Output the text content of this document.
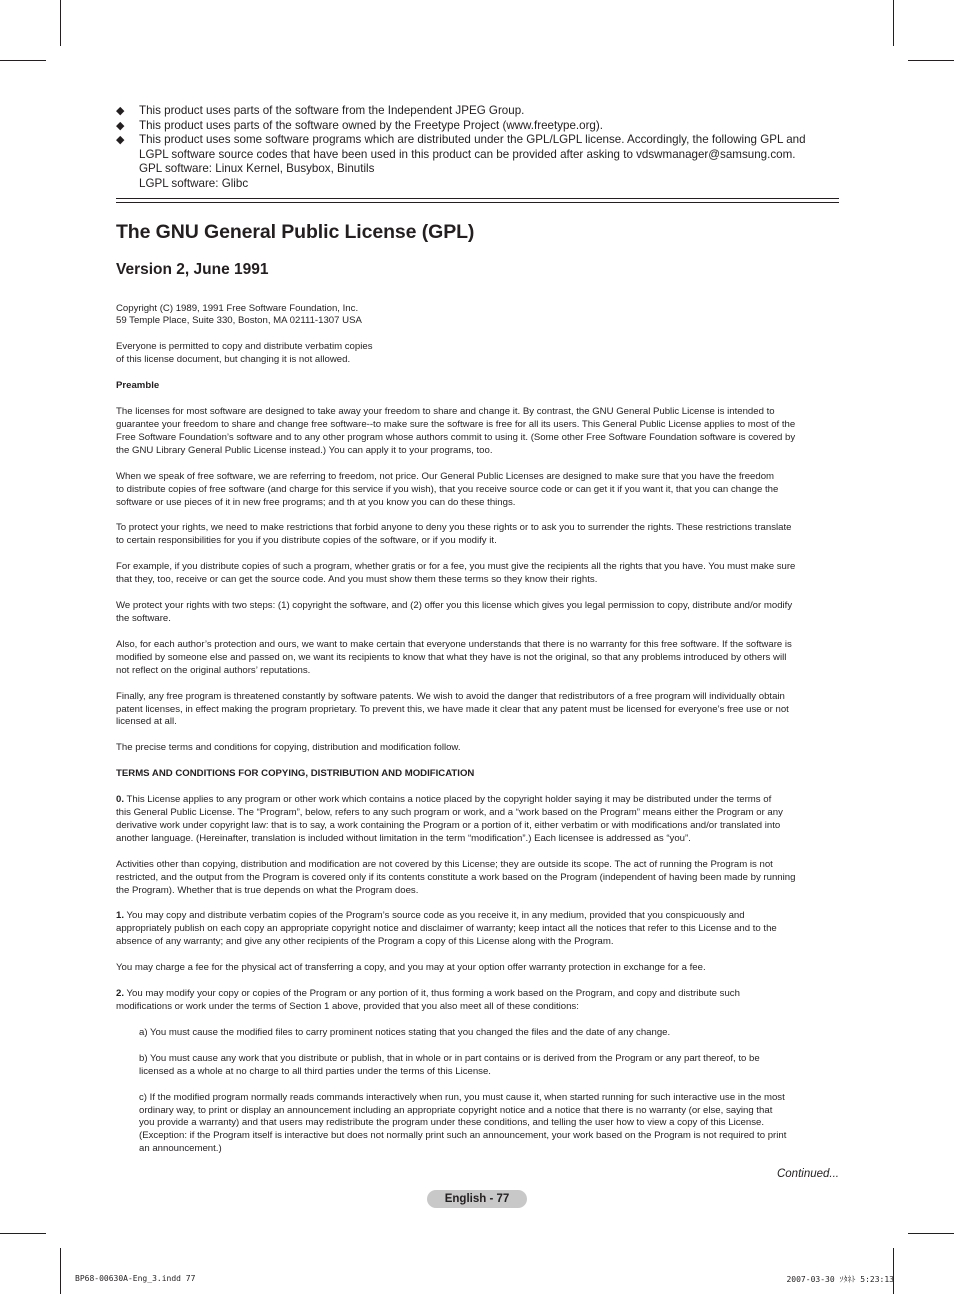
◆ This product uses parts of the software from the Independent JPEG Group.
◆ This product uses parts of the software owned by the Freetype Project (www.freetype.org).
◆ This product uses some software programs which are distributed under the GPL/LGPL license. Accordingly, the following GPL and
LGPL software source codes that have been used in this product can be provided after asking to vdswmanager@samsung.com.
GPL software: Linux Kernel, Busybox, Binutils
LGPL software: Glibc
The GNU General Public License (GPL)
Version 2, June 1991

Copyright (C) 1989, 1991 Free Software Foundation, Inc.
59 Temple Place, Suite 330, Boston, MA 02111-1307 USA

Everyone is permitted to copy and distribute verbatim copies
of this license document, but changing it is not allowed.

Preamble

The licenses for most software are designed to take away your freedom to share and change it. By contrast, the GNU General Public License is intended to
guarantee your freedom to share and change free software--to make sure the software is free for all its users. This General Public License applies to most of the
Free Software Foundation’s software and to any other program whose authors commit to using it. (Some other Free Software Foundation software is covered by
the GNU Library General Public License instead.) You can apply it to your programs, too.

When we speak of free software, we are referring to freedom, not price. Our General Public Licenses are designed to make sure that you have the freedom
to distribute copies of free software (and charge for this service if you wish), that you receive source code or can get it if you want it, that you can change the
software or use pieces of it in new free programs; and th at you know you can do these things.

To protect your rights, we need to make restrictions that forbid anyone to deny you these rights or to ask you to surrender the rights. These restrictions translate
to certain responsibilities for you if you distribute copies of the software, or if you modify it.

For example, if you distribute copies of such a program, whether gratis or for a fee, you must give the recipients all the rights that you have. You must make sure
that they, too, receive or can get the source code. And you must show them these terms so they know their rights.

We protect your rights with two steps: (1) copyright the software, and (2) offer you this license which gives you legal permission to copy, distribute and/or modify
the software.

Also, for each author’s protection and ours, we want to make certain that everyone understands that there is no warranty for this free software. If the software is
modified by someone else and passed on, we want its recipients to know that what they have is not the original, so that any problems introduced by others will
not reflect on the original authors’ reputations.

Finally, any free program is threatened constantly by software patents. We wish to avoid the danger that redistributors of a free program will individually obtain
patent licenses, in effect making the program proprietary. To prevent this, we have made it clear that any patent must be licensed for everyone’s free use or not
licensed at all.

The precise terms and conditions for copying, distribution and modification follow.

TERMS AND CONDITIONS FOR COPYING, DISTRIBUTION AND MODIFICATION

0. This License applies to any program or other work which contains a notice placed by the copyright holder saying it may be distributed under the terms of
this General Public License. The “Program”, below, refers to any such program or work, and a “work based on the Program” means either the Program or any
derivative work under copyright law: that is to say, a work containing the Program or a portion of it, either verbatim or with modifications and/or translated into
another language. (Hereinafter, translation is included without limitation in the term “modification”.) Each licensee is addressed as “you”.

Activities other than copying, distribution and modification are not covered by this License; they are outside its scope. The act of running the Program is not
restricted, and the output from the Program is covered only if its contents constitute a work based on the Program (independent of having been made by running
the Program). Whether that is true depends on what the Program does.

1. You may copy and distribute verbatim copies of the Program’s source code as you receive it, in any medium, provided that you conspicuously and
appropriately publish on each copy an appropriate copyright notice and disclaimer of warranty; keep intact all the notices that refer to this License and to the
absence of any warranty; and give any other recipients of the Program a copy of this License along with the Program.

You may charge a fee for the physical act of transferring a copy, and you may at your option offer warranty protection in exchange for a fee.

2. You may modify your copy or copies of the Program or any portion of it, thus forming a work based on the Program, and copy and distribute such
modifications or work under the terms of Section 1 above, provided that you also meet all of these conditions:

a) You must cause the modified files to carry prominent notices stating that you changed the files and the date of any change.

b) You must cause any work that you distribute or publish, that in whole or in part contains or is derived from the Program or any part thereof, to be
licensed as a whole at no charge to all third parties under the terms of this License.

c) If the modified program normally reads commands interactively when run, you must cause it, when started running for such interactive use in the most
ordinary way, to print or display an announcement including an appropriate copyright notice and a notice that there is no warranty (or else, saying that
you provide a warranty) and that users may redistribute the program under these conditions, and telling the user how to view a copy of this License.
(Exception: if the Program itself is interactive but does not normally print such an announcement, your work based on the Program is not required to print
an announcement.)

Continued...
English - 77
BP68-00630A-Eng_3.indd 77	2007-03-30 ｿﾀﾈﾄ 5:23:13
